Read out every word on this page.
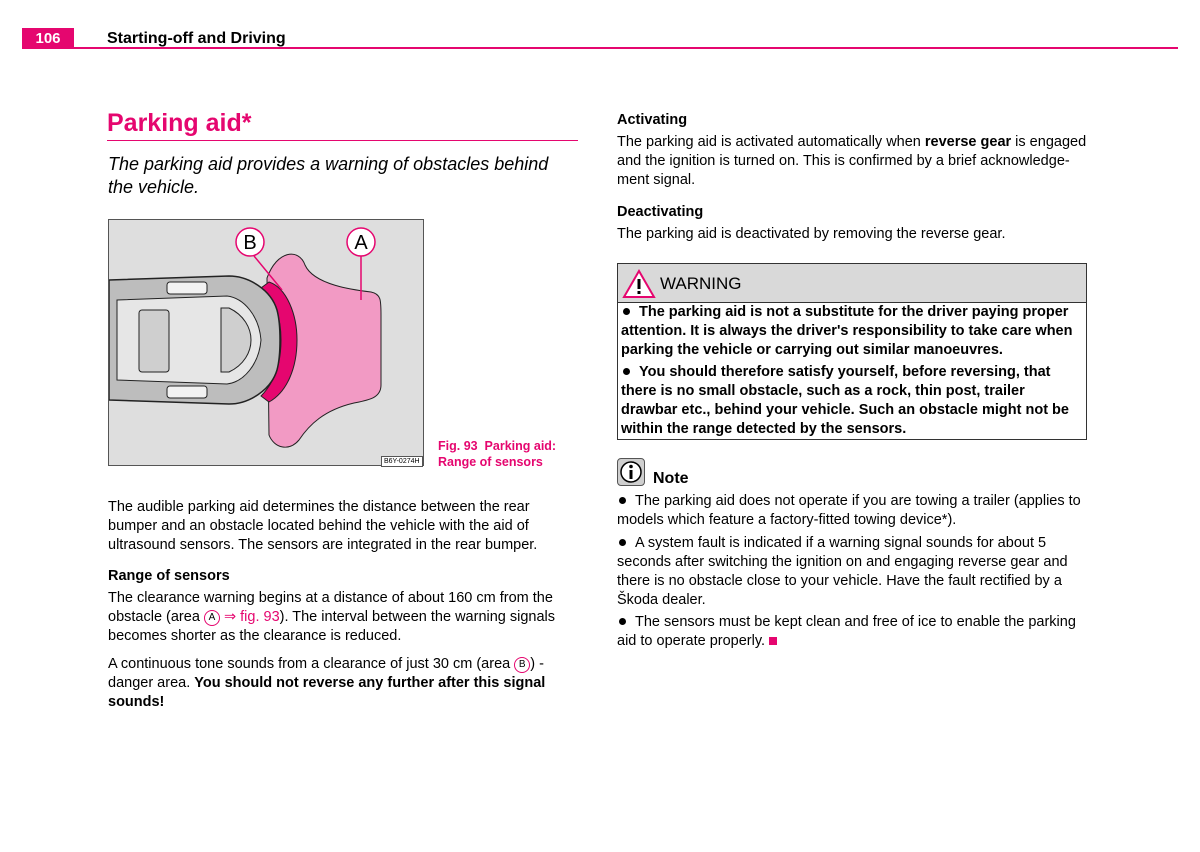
106	Starting-off and Driving
Parking aid*
The parking aid provides a warning of obstacles behind the vehicle.
B	A
B6Y-0274H
Fig. 93 Parking aid:
Range of sensors
The audible parking aid determines the distance between the rear bumper and an obstacle located behind the vehicle with the aid of ultrasound sensors. The sensors are integrated in the rear bumper.
Range of sensors
The clearance warning begins at a distance of about 160 cm from the obstacle (area A ⇒ fig. 93). The interval between the warning signals becomes shorter as the clearance is reduced.
A continuous tone sounds from a clearance of just 30 cm (area B ) - danger area. You should not reverse any further after this signal sounds!
Activating
The parking aid is activated automatically when reverse gear is engaged and the ignition is turned on. This is confirmed by a brief acknowledge-ment signal.
Deactivating
The parking aid is deactivated by removing the reverse gear.
WARNING
The parking aid is not a substitute for the driver paying proper attention. It is always the driver's responsibility to take care when parking the vehicle or carrying out similar manoeuvres.
You should therefore satisfy yourself, before reversing, that there is no small obstacle, such as a rock, thin post, trailer drawbar etc., behind your vehicle. Such an obstacle might not be within the range detected by the sensors.
Note
The parking aid does not operate if you are towing a trailer (applies to models which feature a factory-fitted towing device*).
A system fault is indicated if a warning signal sounds for about 5 seconds after switching the ignition on and engaging reverse gear and there is no obstacle close to your vehicle. Have the fault rectified by a Škoda dealer.
The sensors must be kept clean and free of ice to enable the parking aid to operate properly.
